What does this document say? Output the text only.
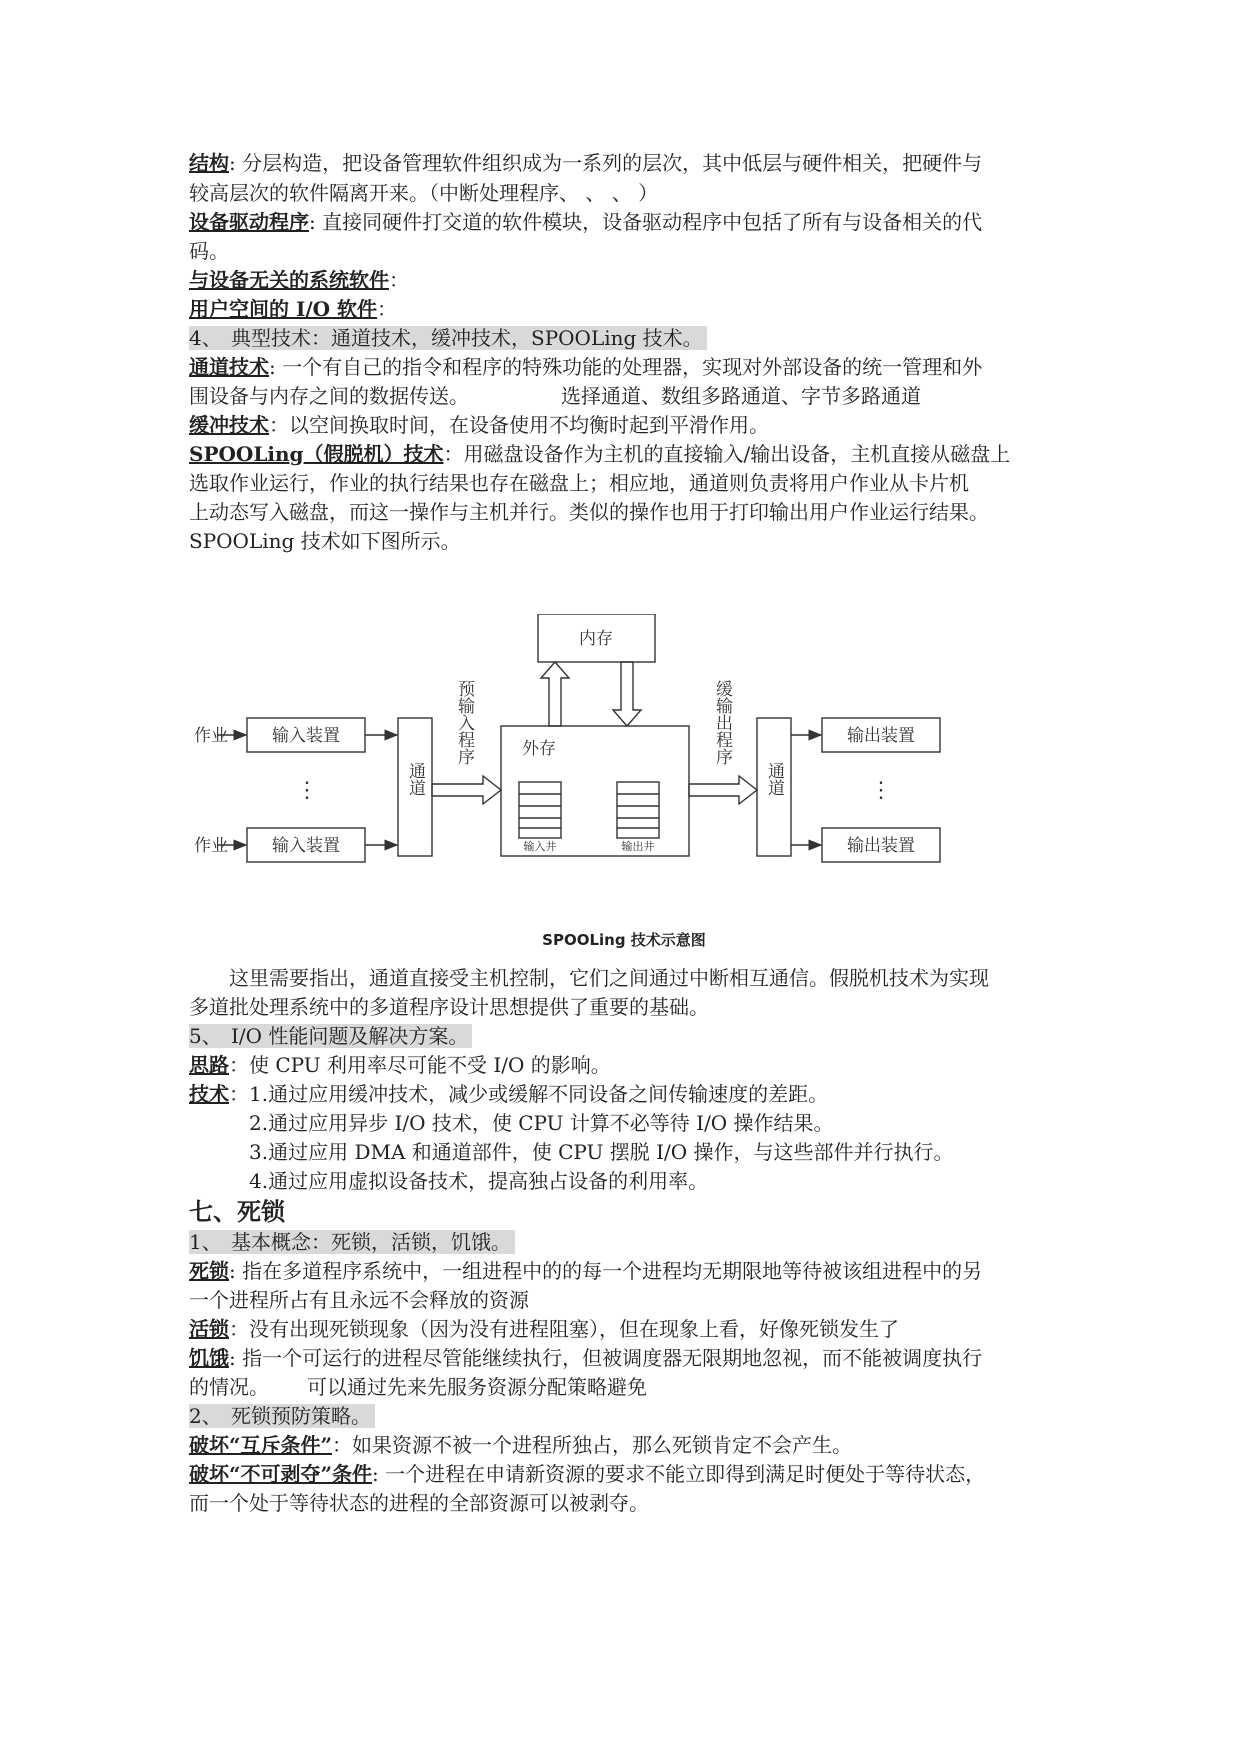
结构: 分层构造，把设备管理软件组织成为一系列的层次，其中低层与硬件相关，把硬件与
较高层次的软件隔离开来。（中断处理程序、 、 、 ）
设备驱动程序: 直接同硬件打交道的软件模块，设备驱动程序中包括了所有与设备相关的代
码。
与设备无关的系统软件：
用户空间的 I/O 软件：
4、 典型技术：通道技术，缓冲技术，SPOOLing 技术。
通道技术: 一个有自己的指令和程序的特殊功能的处理器，实现对外部设备的统一管理和外
围设备与内存之间的数据传送。	选择通道、数组多路通道、字节多路通道
缓冲技术：以空间换取时间，在设备使用不均衡时起到平滑作用。
SPOOLing（假脱机）技术：用磁盘设备作为主机的直接输入/输出设备，主机直接从磁盘上
选取作业运行，作业的执行结果也存在磁盘上；相应地，通道则负责将用户作业从卡片机
上动态写入磁盘，而这一操作与主机并行。类似的操作也用于打印输出用户作业运行结果。
SPOOLing 技术如下图所示。
内存
外存
作业
作业
输入装置
输入装置
输出装置
输出装置
⋮	⋮
通道	通道
预输入程序	缓输出程序
输入井	输出井
SPOOLing 技术示意图
这里需要指出，通道直接受主机控制，它们之间通过中断相互通信。假脱机技术为实现
多道批处理系统中的多道程序设计思想提供了重要的基础。
5、 I/O 性能问题及解决方案。
思路：使 CPU 利用率尽可能不受 I/O 的影响。
技术：1.通过应用缓冲技术，减少或缓解不同设备之间传输速度的差距。
2.通过应用异步 I/O 技术，使 CPU 计算不必等待 I/O 操作结果。
3.通过应用 DMA 和通道部件，使 CPU 摆脱 I/O 操作，与这些部件并行执行。
4.通过应用虚拟设备技术，提高独占设备的利用率。
七、死锁
1、 基本概念：死锁，活锁，饥饿。
死锁: 指在多道程序系统中，一组进程中的的每一个进程均无期限地等待被该组进程中的另
一个进程所占有且永远不会释放的资源
活锁：没有出现死锁现象（因为没有进程阻塞），但在现象上看，好像死锁发生了
饥饿: 指一个可运行的进程尽管能继续执行，但被调度器无限期地忽视，而不能被调度执行
的情况。 可以通过先来先服务资源分配策略避免
2、 死锁预防策略。
破坏“互斥条件”：如果资源不被一个进程所独占，那么死锁肯定不会产生。
破坏“不可剥夺”条件: 一个进程在申请新资源的要求不能立即得到满足时便处于等待状态，
而一个处于等待状态的进程的全部资源可以被剥夺。
